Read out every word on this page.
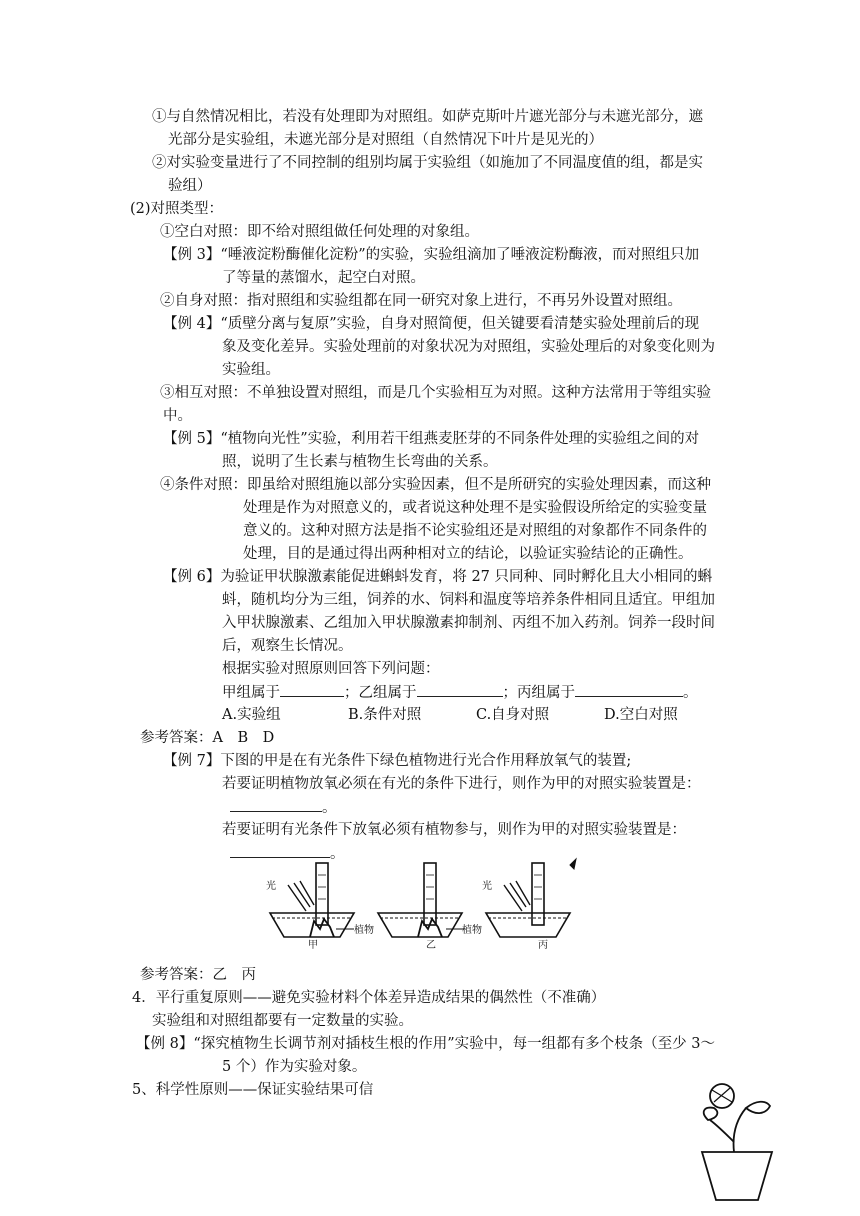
①与自然情况相比，若没有处理即为对照组。如萨克斯叶片遮光部分与未遮光部分，遮
光部分是实验组，未遮光部分是对照组（自然情况下叶片是见光的）
②对实验变量进行了不同控制的组别均属于实验组（如施加了不同温度值的组，都是实
验组）
(2)对照类型：
①空白对照：即不给对照组做任何处理的对象组。
【例 3】“唾液淀粉酶催化淀粉”的实验，实验组滴加了唾液淀粉酶液，而对照组只加
了等量的蒸馏水，起空白对照。
②自身对照：指对照组和实验组都在同一研究对象上进行，不再另外设置对照组。
【例 4】“质壁分离与复原”实验，自身对照简便，但关键要看清楚实验处理前后的现
象及变化差异。实验处理前的对象状况为对照组，实验处理后的对象变化则为
实验组。
③相互对照：不单独设置对照组，而是几个实验相互为对照。这种方法常用于等组实验
中。
【例 5】“植物向光性”实验，利用若干组燕麦胚芽的不同条件处理的实验组之间的对
照，说明了生长素与植物生长弯曲的关系。
④条件对照：即虽给对照组施以部分实验因素，但不是所研究的实验处理因素，而这种
处理是作为对照意义的，或者说这种处理不是实验假设所给定的实验变量
意义的。这种对照方法是指不论实验组还是对照组的对象都作不同条件的
处理，目的是通过得出两种相对立的结论，以验证实验结论的正确性。
【例 6】为验证甲状腺激素能促进蝌蚪发育，将 27 只同种、同时孵化且大小相同的蝌
蚪，随机均分为三组，饲养的水、饲料和温度等培养条件相同且适宜。甲组加
入甲状腺激素、乙组加入甲状腺激素抑制剂、丙组不加入药剂。饲养一段时间
后，观察生长情况。
根据实验对照原则回答下列问题：
甲组属于	；乙组属于	；丙组属于	。
A.实验组	B.条件对照	C.自身对照	D.空白对照
参考答案：A　B　D
【例 7】下图的甲是在有光条件下绿色植物进行光合作用释放氧气的装置;
若要证明植物放氧必须在有光的条件下进行，则作为甲的对照实验装置是：
。
若要证明有光条件下放氧必须有植物参与，则作为甲的对照实验装置是：
。
光
植物
甲	乙
植物
丙
光
参考答案：乙　丙
4．平行重复原则——避免实验材料个体差异造成结果的偶然性（不准确）
实验组和对照组都要有一定数量的实验。
【例 8】“探究植物生长调节剂对插枝生根的作用”实验中，每一组都有多个枝条（至少 3～
5 个）作为实验对象。
5、科学性原则——保证实验结果可信
